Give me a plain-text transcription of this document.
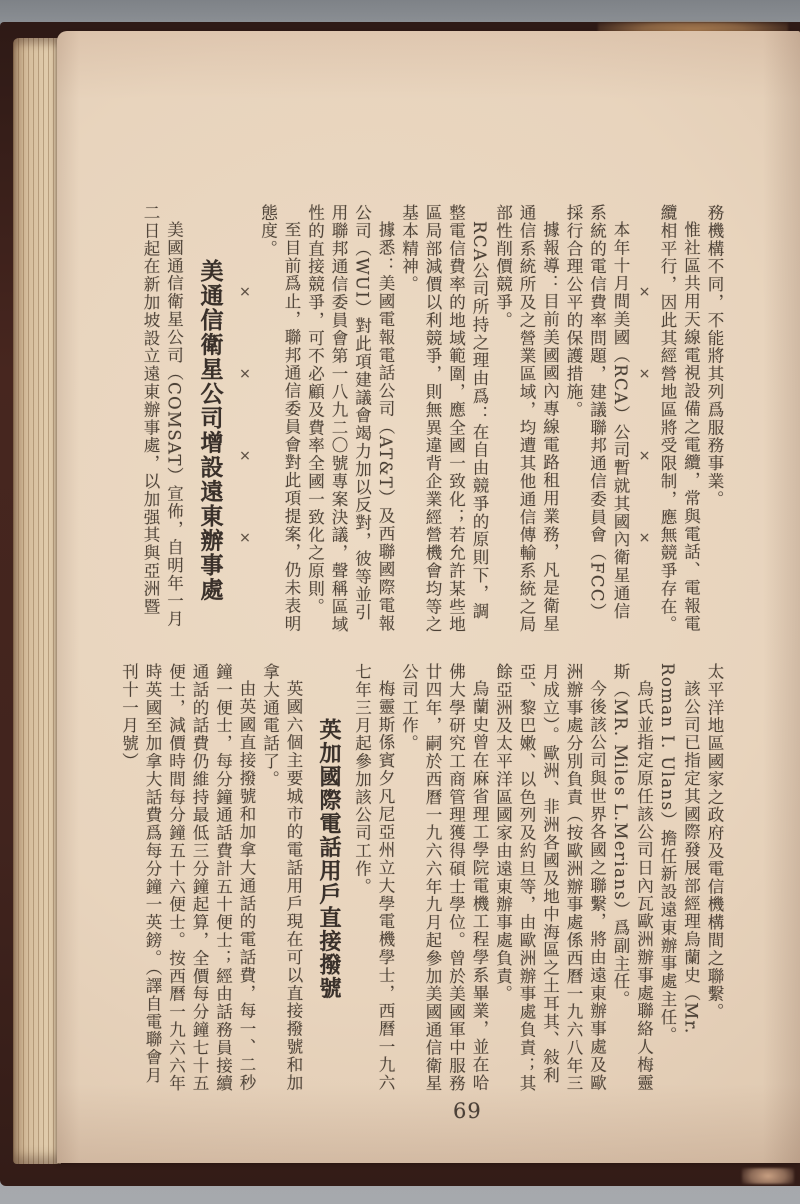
務機構不同，不能將其列爲服務事業。

惟社區共用天線電視設備之電纜，常與電話、電報電纜相平行，因此其經營地區將受限制，應無競爭存在。

××××

本年十月間美國（RCA）公司暫就其國內衛星通信系統的電信費率問題，建議聯邦通信委員會（FCC）採行合理公平的保護措施。

據報導：目前美國國內專線電路租用業務，凡是衛星通信系統所及之營業區域，均遭其他通信傳輸系統之局部性削價競爭。

RCA公司所持之理由爲：在自由競爭的原則下，調整電信費率的地域範圍，應全國一致化；若允許某些地區局部減價以利競爭，則無異違背企業經營機會均等之基本精神。

據悉：美國電報電話公司（AT&T）及西聯國際電報公司（WUI）對此項建議會竭力加以反對，彼等並引用聯邦通信委員會第一八九二〇號專案決議，聲稱區域性的直接競爭，可不必顧及費率全國一致化之原則。

至目前爲止，聯邦通信委員會對此項提案，仍未表明態度。

××××

美通信衛星公司增設遠東辦事處

美國通信衛星公司（COMSAT）宣佈，自明年一月二日起在新加坡設立遠東辦事處，以加强其與亞洲暨

太平洋地區國家之政府及電信機構間之聯繫。

該公司已指定其國際發展部經理烏蘭史（Mr. Roman I. Ulans）擔任新設遠東辦事處主任。

烏氏並指定原任該公司日內瓦歐洲辦事處聯絡人梅靈斯（MR. Miles L.Merians）爲副主任。

今後該公司與世界各國之聯繫，將由遠東辦事處及歐洲辦事處分別負責（按歐洲辦事處係西曆一九六八年三月成立）。歐洲、非洲各國及地中海區之土耳其、敍利亞、黎巴嫩、以色列及約旦等，由歐洲辦事處負責；其餘亞洲及太平洋區國家由遠東辦事處負責。

烏蘭史曾在麻省理工學院電機工程學系畢業，並在哈佛大學研究工商管理獲得碩士學位。曾於美國軍中服務廿四年，嗣於西曆一九六六年九月起參加美國通信衛星公司工作。

梅靈斯係賓夕凡尼亞州立大學電機學士，西曆一九六七年三月起參加該公司工作。

英加國際電話用戶直接撥號

英國六個主要城市的電話用戶現在可以直接撥號和加拿大通電話了。

由英國直接撥號和加拿大通話的電話費，每一、二秒鐘一便士，每分鐘通話費計五十便士；經由話務員接續通話的話費仍維持最低三分鐘起算，全價每分鐘七十五便士，減價時間每分鐘五十六便士。按西曆一九六六年時英國至加拿大話費爲每分鐘一英鎊。（譯自電聯會月刊十一月號）

69
